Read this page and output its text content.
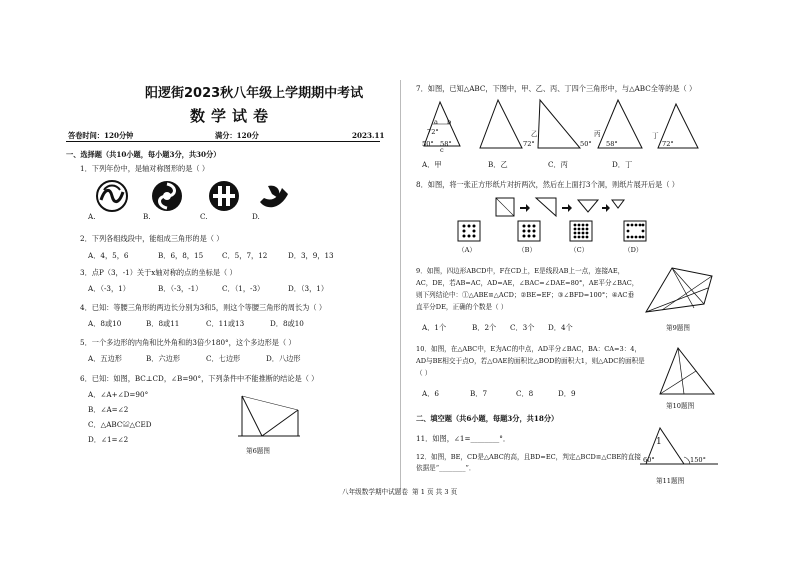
阳逻街2023秋八年级上学期期中考试
数学试卷
答卷时间：120分钟	满分：120分	2023.11
一、选择题（共10小题，每小题3分，共30分）
1．下列年份中，是轴对称图形的是（ ）
A.	B.	C.	D.
2．下列各组线段中，能组成三角形的是（ ）
A．4，5，6	B．6，8，15	C．5，7，12	D．3，9，13
3．点P（3，-1）关于x轴对称的点的坐标是（ ）
A．（-3，1）	B．（-3，-1）	C．（1，-3）	D．（3，1）
4．已知：等腰三角形的两边长分别为3和5，则这个等腰三角形的周长为（ ）
A．8或10	B．8或11	C．11或13	D．8或10
5．一个多边形的内角和比外角和的3倍少180°，这个多边形是（ ）
A．五边形	B．六边形	C．七边形	D．八边形
6．已知：如图，BC⊥CD，∠B=90°，下列条件中不能推断的结论是（ ）
A．∠A+∠D=90°
B．∠A=∠2
C．△ABC≌△CED
D．∠1=∠2
第6题图
7．如图，已知△ABC，下图中，甲、乙、丙、丁四个三角形中，与△ABC全等的是（ ）
72°
50° 58°
a b
c
乙
72°
丙
50° 58°
丁
72°
A．甲	B．乙	C．丙	D．丁
8．如图，将一张正方形纸片对折两次，然后在上面打3个洞，则纸片展开后是（ ）
（A）	（B）	（C）	（D）
9．如图，四边形ABCD中，F在CD上，E是线段AB上一点，连接AE，AC，DE，若AB=AC，AD=AE，∠BAC=∠DAE=80°，AE平分∠BAC，则下列结论中：①△ABE≌△ACD；②BE=EF；③∠BFD=100°；④AC垂直平分DE，正确的个数是（ ）
A．1个	B．2个 C．3个 D．4个	第9题图
10．如图，在△ABC中，E为AC的中点，AD平分∠BAC，BA：CA=3：4，AD与BE相交于点O，若△OAE的面积比△BOD的面积大1，则△ADC的面积是（ ）
A．6	B．7	C．8	D．9
第10题图
二、填空题（共6小题，每题3分，共18分）
11．如图，∠1=________°．
12．如图，BE，CD是△ABC的高，且BD=EC，判定△BCD≌△CBE的直接依据是“________”．
1
60°	150°
第11题图
八年级数学期中试题卷 第 1 页 共 3 页
